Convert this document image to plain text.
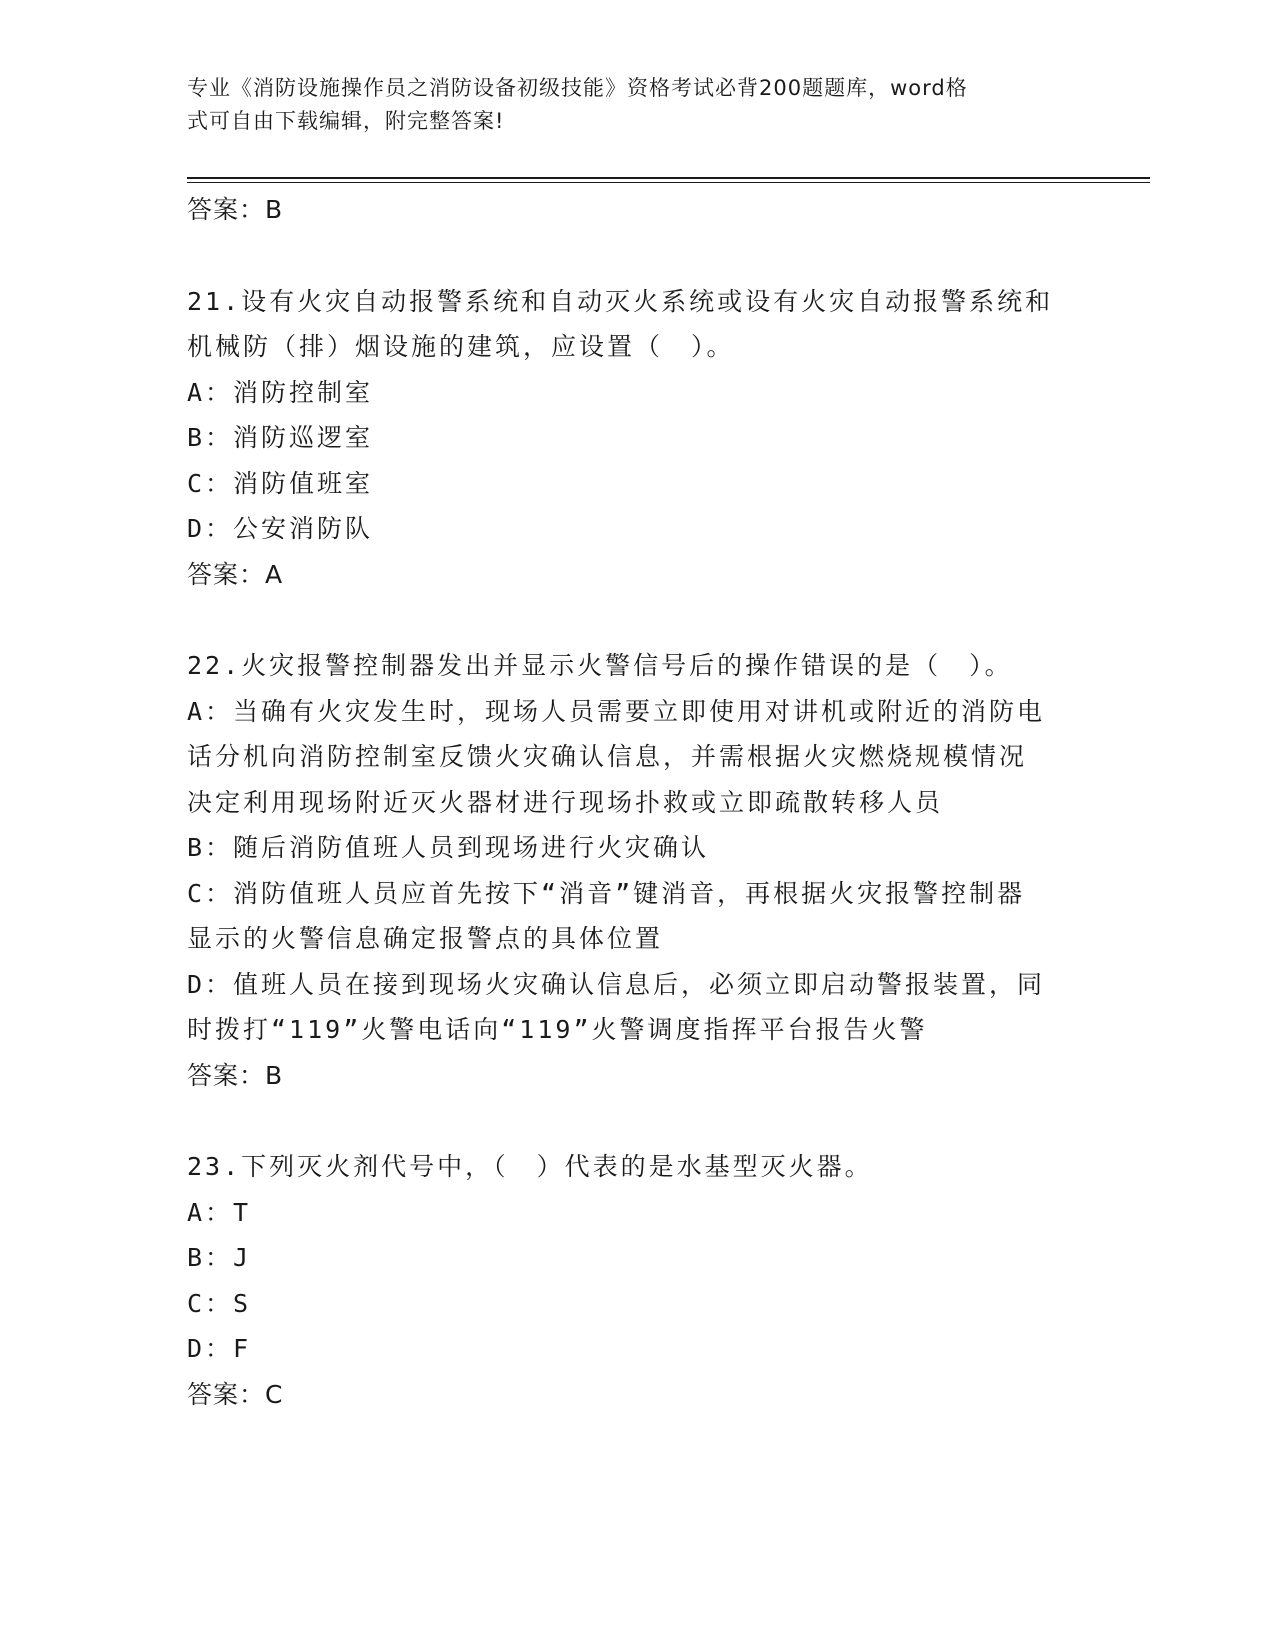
专业《消防设施操作员之消防设备初级技能》资格考试必背200题题库，word格
式可自由下载编辑，附完整答案!
答案：B
21.设有火灾自动报警系统和自动灭火系统或设有火灾自动报警系统和
机械防（排）烟设施的建筑，应设置（　）。
A：消防控制室
B：消防巡逻室
C：消防值班室
D：公安消防队
答案：A
22.火灾报警控制器发出并显示火警信号后的操作错误的是（　）。
A：当确有火灾发生时，现场人员需要立即使用对讲机或附近的消防电
话分机向消防控制室反馈火灾确认信息，并需根据火灾燃烧规模情况
决定利用现场附近灭火器材进行现场扑救或立即疏散转移人员
B：随后消防值班人员到现场进行火灾确认
C：消防值班人员应首先按下“消音”键消音，再根据火灾报警控制器
显示的火警信息确定报警点的具体位置
D：值班人员在接到现场火灾确认信息后，必须立即启动警报装置，同
时拨打“119”火警电话向“119”火警调度指挥平台报告火警
答案：B
23.下列灭火剂代号中，（　）代表的是水基型灭火器。
A：T
B：J
C：S
D：F
答案：C
